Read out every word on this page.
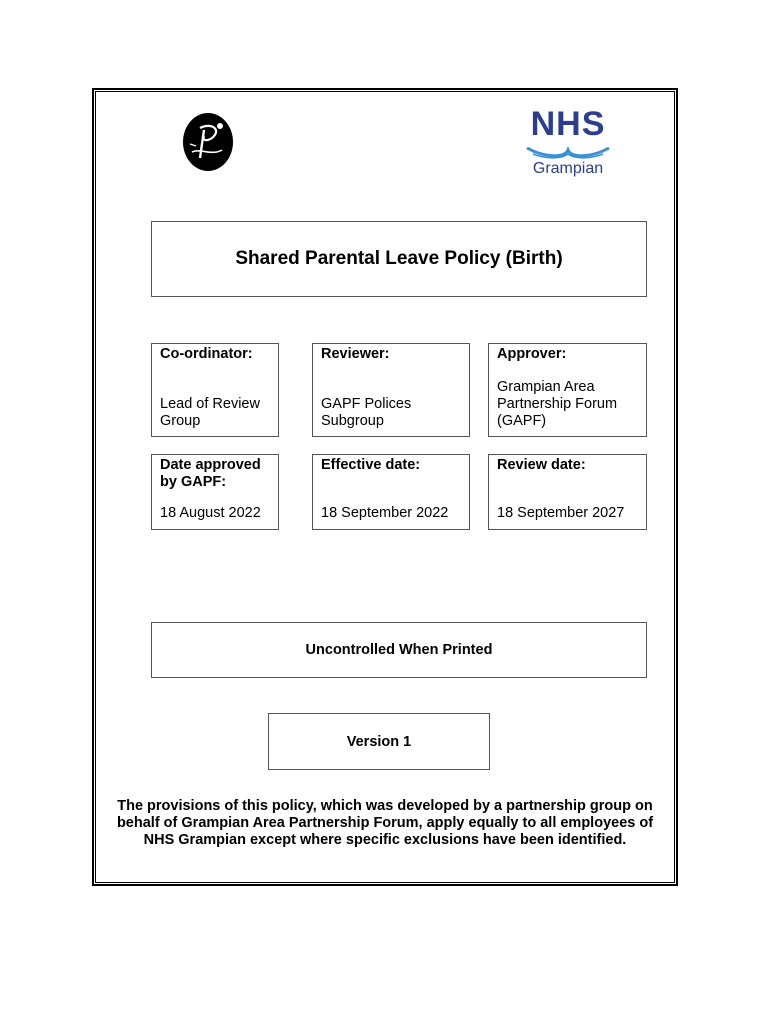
NHS
Grampian
Shared Parental Leave Policy (Birth)
Co-ordinator:
Lead of Review Group
Reviewer:
GAPF Polices Subgroup
Approver:
Grampian Area Partnership Forum (GAPF)
Date approved by GAPF:
18 August 2022
Effective date:
18 September 2022
Review date:
18 September 2027
Uncontrolled When Printed
Version 1
The provisions of this policy, which was developed by a partnership group on behalf of Grampian Area Partnership Forum, apply equally to all employees of NHS Grampian except where specific exclusions have been identified.
